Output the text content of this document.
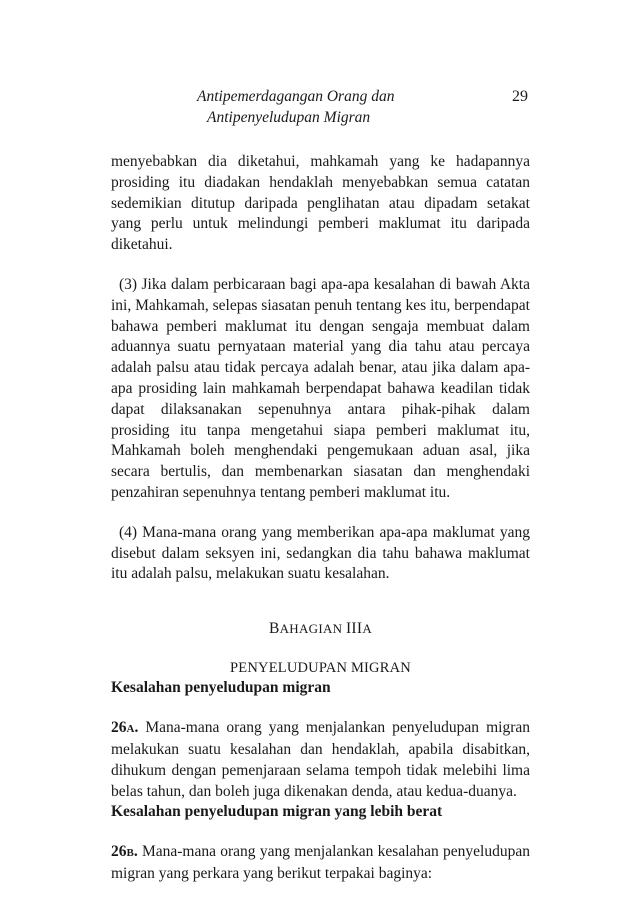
Antipemerdagangan Orang dan
Antipenyeludupan Migran
29

menyebabkan dia diketahui, mahkamah yang ke hadapannya prosiding itu diadakan hendaklah menyebabkan semua catatan sedemikian ditutup daripada penglihatan atau dipadam setakat yang perlu untuk melindungi pemberi maklumat itu daripada diketahui.

(3) Jika dalam perbicaraan bagi apa-apa kesalahan di bawah Akta ini, Mahkamah, selepas siasatan penuh tentang kes itu, berpendapat bahawa pemberi maklumat itu dengan sengaja membuat dalam aduannya suatu pernyataan material yang dia tahu atau percaya adalah palsu atau tidak percaya adalah benar, atau jika dalam apa-apa prosiding lain mahkamah berpendapat bahawa keadilan tidak dapat dilaksanakan sepenuhnya antara pihak-pihak dalam prosiding itu tanpa mengetahui siapa pemberi maklumat itu, Mahkamah boleh menghendaki pengemukaan aduan asal, jika secara bertulis, dan membenarkan siasatan dan menghendaki penzahiran sepenuhnya tentang pemberi maklumat itu.

(4) Mana-mana orang yang memberikan apa-apa maklumat yang disebut dalam seksyen ini, sedangkan dia tahu bahawa maklumat itu adalah palsu, melakukan suatu kesalahan.

BAHAGIAN IIIA
PENYELUDUPAN MIGRAN
Kesalahan penyeludupan migran

26A. Mana-mana orang yang menjalankan penyeludupan migran melakukan suatu kesalahan dan hendaklah, apabila disabitkan, dihukum dengan pemenjaraan selama tempoh tidak melebihi lima belas tahun, dan boleh juga dikenakan denda, atau kedua-duanya.

Kesalahan penyeludupan migran yang lebih berat

26B. Mana-mana orang yang menjalankan kesalahan penyeludupan migran yang perkara yang berikut terpakai baginya:
